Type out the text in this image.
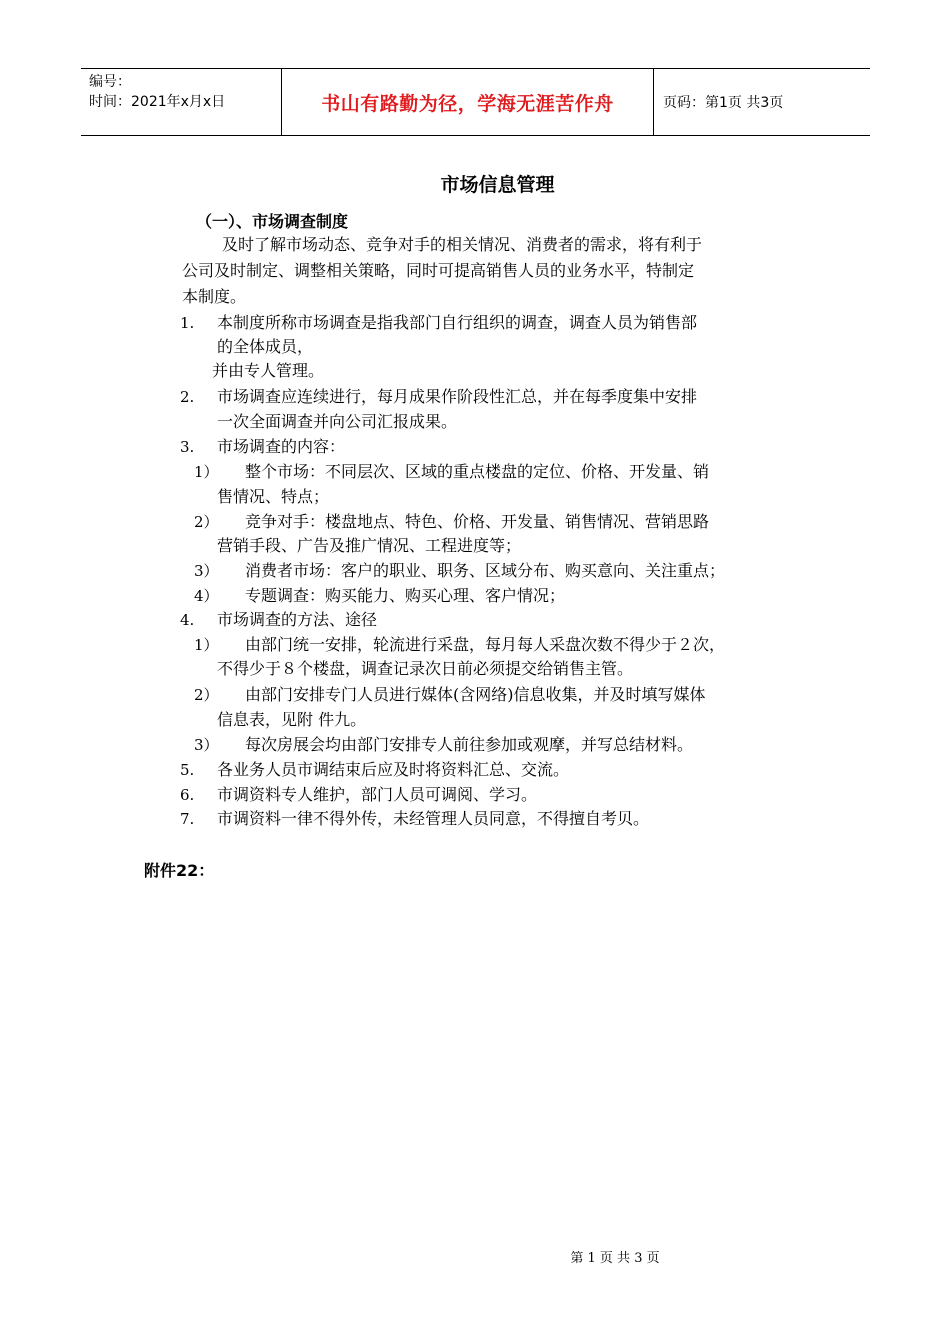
编号：
时间：2021年x月x日	书山有路勤为径，学海无涯苦作舟	页码：第1页 共3页
市场信息管理
（一）、市场调查制度
及时了解市场动态、竞争对手的相关情况、消费者的需求，将有利于
公司及时制定、调整相关策略，同时可提高销售人员的业务水平，特制定
本制度。
1. 本制度所称市场调查是指我部门自行组织的调查，调查人员为销售部
的全体成员，
并由专人管理。
2. 市场调查应连续进行，每月成果作阶段性汇总，并在每季度集中安排
一次全面调查并向公司汇报成果。
3. 市场调查的内容：
1） 整个市场：不同层次、区域的重点楼盘的定位、价格、开发量、销
售情况、特点；
2） 竞争对手：楼盘地点、特色、价格、开发量、销售情况、营销思路
营销手段、广告及推广情况、工程进度等；
3） 消费者市场：客户的职业、职务、区域分布、购买意向、关注重点；
4） 专题调查：购买能力、购买心理、客户情况；
4. 市场调查的方法、途径
1） 由部门统一安排，轮流进行采盘，每月每人采盘次数不得少于２次，
不得少于８个楼盘，调查记录次日前必须提交给销售主管。
2） 由部门安排专门人员进行媒体(含网络)信息收集，并及时填写媒体
信息表，见附 件九。
3） 每次房展会均由部门安排专人前往参加或观摩，并写总结材料。
5. 各业务人员市调结束后应及时将资料汇总、交流。
6. 市调资料专人维护，部门人员可调阅、学习。
7. 市调资料一律不得外传，未经管理人员同意，不得擅自考贝。
附件22：
第 1 页 共 3 页
